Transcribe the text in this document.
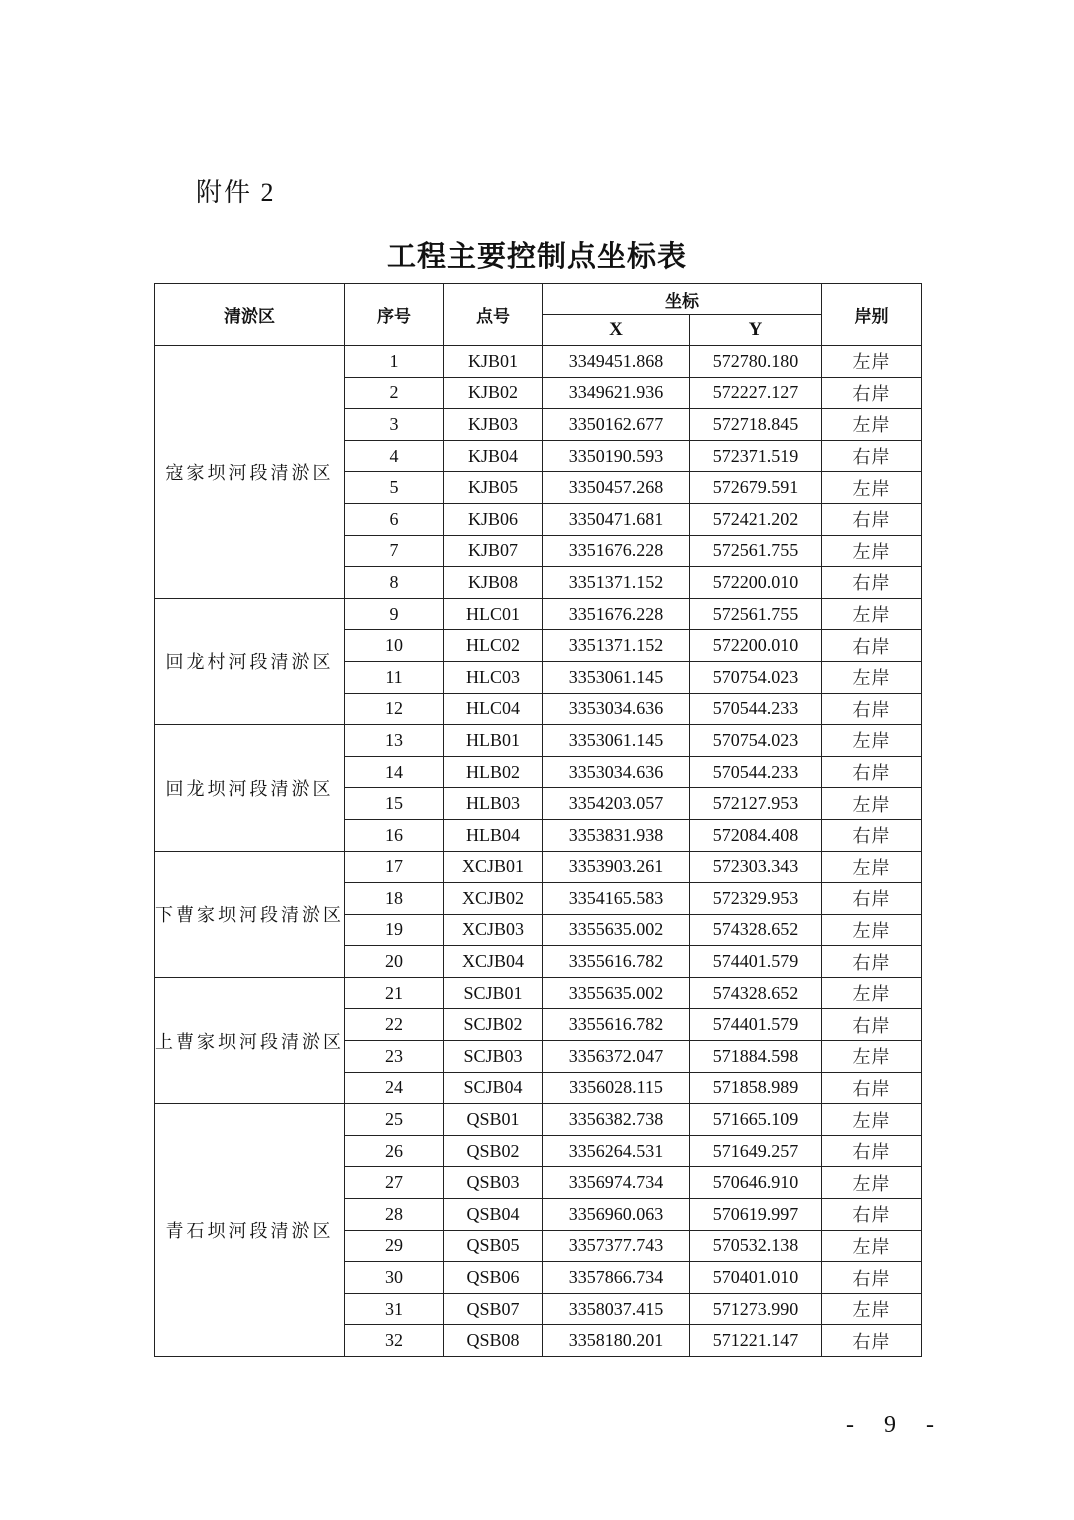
附件 2
工程主要控制点坐标表
清淤区	序号	点号	坐标		岸别
			X	Y	
寇家坝河段清淤区	1	KJB01	3349451.868	572780.180	左岸
	2	KJB02	3349621.936	572227.127	右岸
	3	KJB03	3350162.677	572718.845	左岸
	4	KJB04	3350190.593	572371.519	右岸
	5	KJB05	3350457.268	572679.591	左岸
	6	KJB06	3350471.681	572421.202	右岸
	7	KJB07	3351676.228	572561.755	左岸
	8	KJB08	3351371.152	572200.010	右岸
回龙村河段清淤区	9	HLC01	3351676.228	572561.755	左岸
	10	HLC02	3351371.152	572200.010	右岸
	11	HLC03	3353061.145	570754.023	左岸
	12	HLC04	3353034.636	570544.233	右岸
回龙坝河段清淤区	13	HLB01	3353061.145	570754.023	左岸
	14	HLB02	3353034.636	570544.233	右岸
	15	HLB03	3354203.057	572127.953	左岸
	16	HLB04	3353831.938	572084.408	右岸
下曹家坝河段清淤区	17	XCJB01	3353903.261	572303.343	左岸
	18	XCJB02	3354165.583	572329.953	右岸
	19	XCJB03	3355635.002	574328.652	左岸
	20	XCJB04	3355616.782	574401.579	右岸
上曹家坝河段清淤区	21	SCJB01	3355635.002	574328.652	左岸
	22	SCJB02	3355616.782	574401.579	右岸
	23	SCJB03	3356372.047	571884.598	左岸
	24	SCJB04	3356028.115	571858.989	右岸
青石坝河段清淤区	25	QSB01	3356382.738	571665.109	左岸
	26	QSB02	3356264.531	571649.257	右岸
	27	QSB03	3356974.734	570646.910	左岸
	28	QSB04	3356960.063	570619.997	右岸
	29	QSB05	3357377.743	570532.138	左岸
	30	QSB06	3357866.734	570401.010	右岸
	31	QSB07	3358037.415	571273.990	左岸
	32	QSB08	3358180.201	571221.147	右岸
- 9 -
